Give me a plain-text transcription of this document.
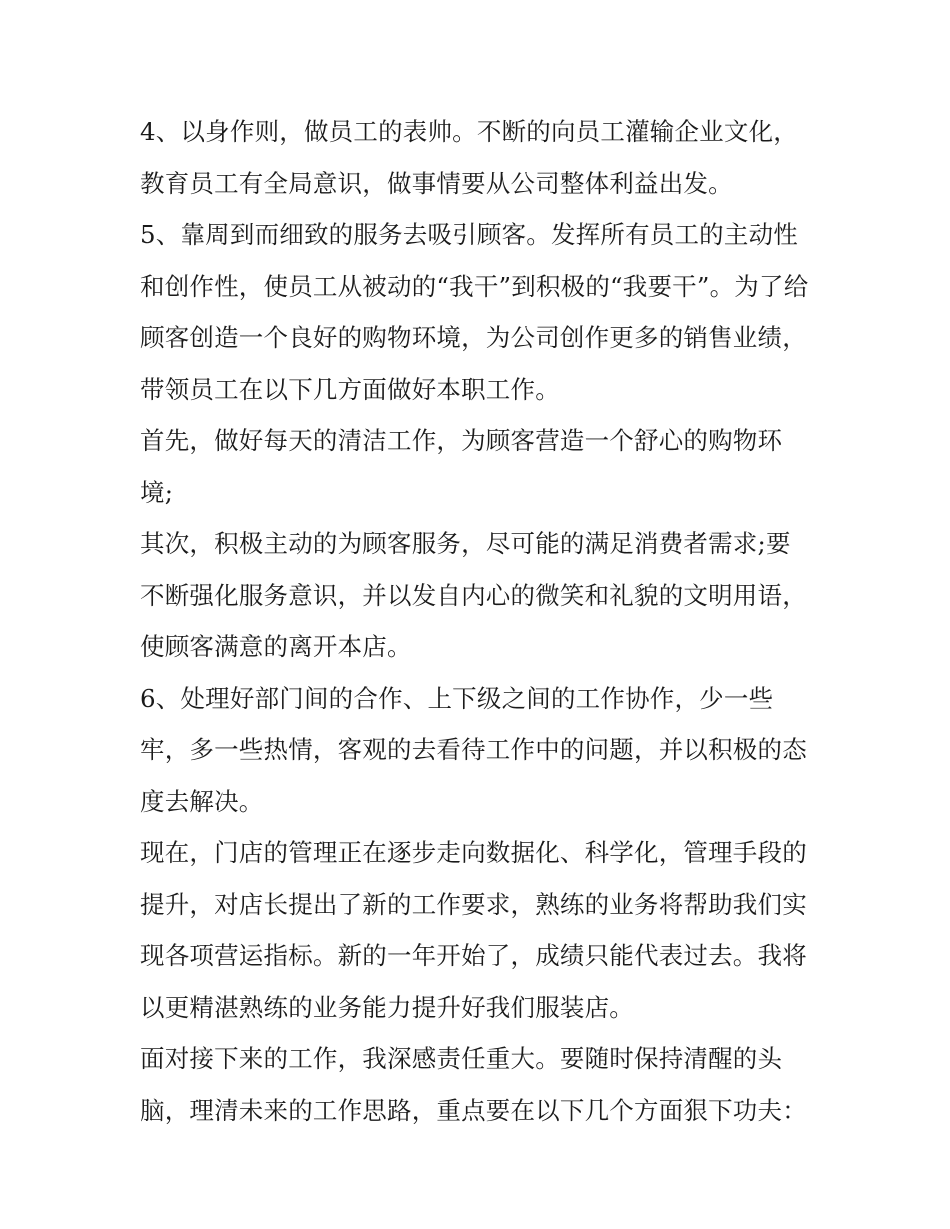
4、以身作则，做员工的表帅。不断的向员工灌输企业文化，

教育员工有全局意识，做事情要从公司整体利益出发。

5、靠周到而细致的服务去吸引顾客。发挥所有员工的主动性

和创作性，使员工从被动的“我干”到积极的“我要干”。为了给

顾客创造一个良好的购物环境，为公司创作更多的销售业绩，

带领员工在以下几方面做好本职工作。

首先，做好每天的清洁工作，为顾客营造一个舒心的购物环

境;

其次，积极主动的为顾客服务，尽可能的满足消费者需求;要

不断强化服务意识，并以发自内心的微笑和礼貌的文明用语，

使顾客满意的离开本店。

6、处理好部门间的合作、上下级之间的工作协作，少一些

牢，多一些热情，客观的去看待工作中的问题，并以积极的态

度去解决。

现在，门店的管理正在逐步走向数据化、科学化，管理手段的

提升，对店长提出了新的工作要求，熟练的业务将帮助我们实

现各项营运指标。新的一年开始了，成绩只能代表过去。我将

以更精湛熟练的业务能力提升好我们服装店。

面对接下来的工作，我深感责任重大。要随时保持清醒的头

脑，理清未来的工作思路，重点要在以下几个方面狠下功夫：
